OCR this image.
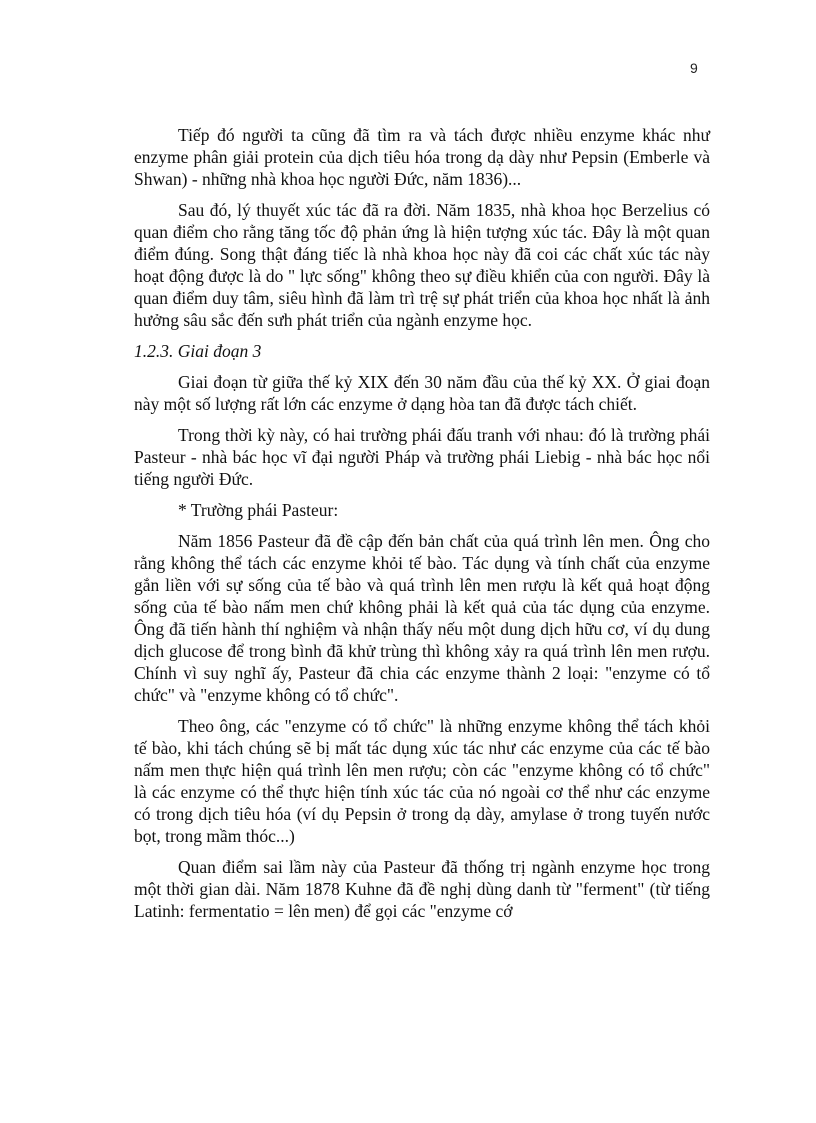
9

Tiếp đó người ta cũng đã tìm ra và tách được nhiều enzyme khác như enzyme phân giải protein của dịch tiêu hóa trong dạ dày như Pepsin (Emberle và Shwan) - những nhà khoa học người Đức, năm 1836)...

Sau đó, lý thuyết xúc tác đã ra đời. Năm 1835, nhà khoa học Berzelius có quan điểm cho rằng tăng tốc độ phản ứng là hiện tượng xúc tác. Đây là một quan điểm đúng. Song thật đáng tiếc là nhà khoa học này đã coi các chất xúc tác này hoạt động được là do " lực sống" không theo sự điều khiển của con người. Đây là quan điểm duy tâm, siêu hình đã làm trì trệ sự phát triển của khoa học nhất là ảnh hưởng sâu sắc đến sưh phát triển của ngành enzyme học.

1.2.3. Giai đoạn 3

Giai đoạn từ giữa thế kỷ XIX đến 30 năm đầu của thế kỷ XX. Ở giai đoạn này một số lượng rất lớn các enzyme ở dạng hòa tan đã được tách chiết.

Trong thời kỳ này, có hai trường phái đấu tranh với nhau: đó là trường phái Pasteur - nhà bác học vĩ đại người Pháp và trường phái Liebig - nhà bác học nổi tiếng người Đức.

* Trường phái Pasteur:

Năm 1856 Pasteur đã đề cập đến bản chất của quá trình lên men. Ông cho rằng không thể tách các enzyme khỏi tế bào. Tác dụng và tính chất của enzyme gắn liền với sự sống của tế bào và quá trình lên men rượu là kết quả hoạt động sống của tế bào nấm men chứ không phải là kết quả của tác dụng của enzyme. Ông đã tiến hành thí nghiệm và nhận thấy nếu một dung dịch hữu cơ, ví dụ dung dịch glucose để trong bình đã khử trùng thì không xảy ra quá trình lên men rượu. Chính vì suy nghĩ ấy, Pasteur đã chia các enzyme thành 2 loại: "enzyme có tổ chức" và "enzyme không có tổ chức".

Theo ông, các "enzyme có tổ chức" là những enzyme không thể tách khỏi tế bào, khi tách chúng sẽ bị mất tác dụng xúc tác như các enzyme của các tế bào nấm men thực hiện quá trình lên men rượu; còn các "enzyme không có tổ chức" là các enzyme có thể thực hiện tính xúc tác của nó ngoài cơ thể như các enzyme có trong dịch tiêu hóa (ví dụ Pepsin ở trong dạ dày, amylase ở trong tuyến nước bọt, trong mầm thóc...)

Quan điểm sai lầm này của Pasteur đã thống trị ngành enzyme học trong một thời gian dài. Năm 1878 Kuhne đã đề nghị dùng danh từ "ferment" (từ tiếng Latinh: fermentatio = lên men) để gọi các "enzyme cớ
